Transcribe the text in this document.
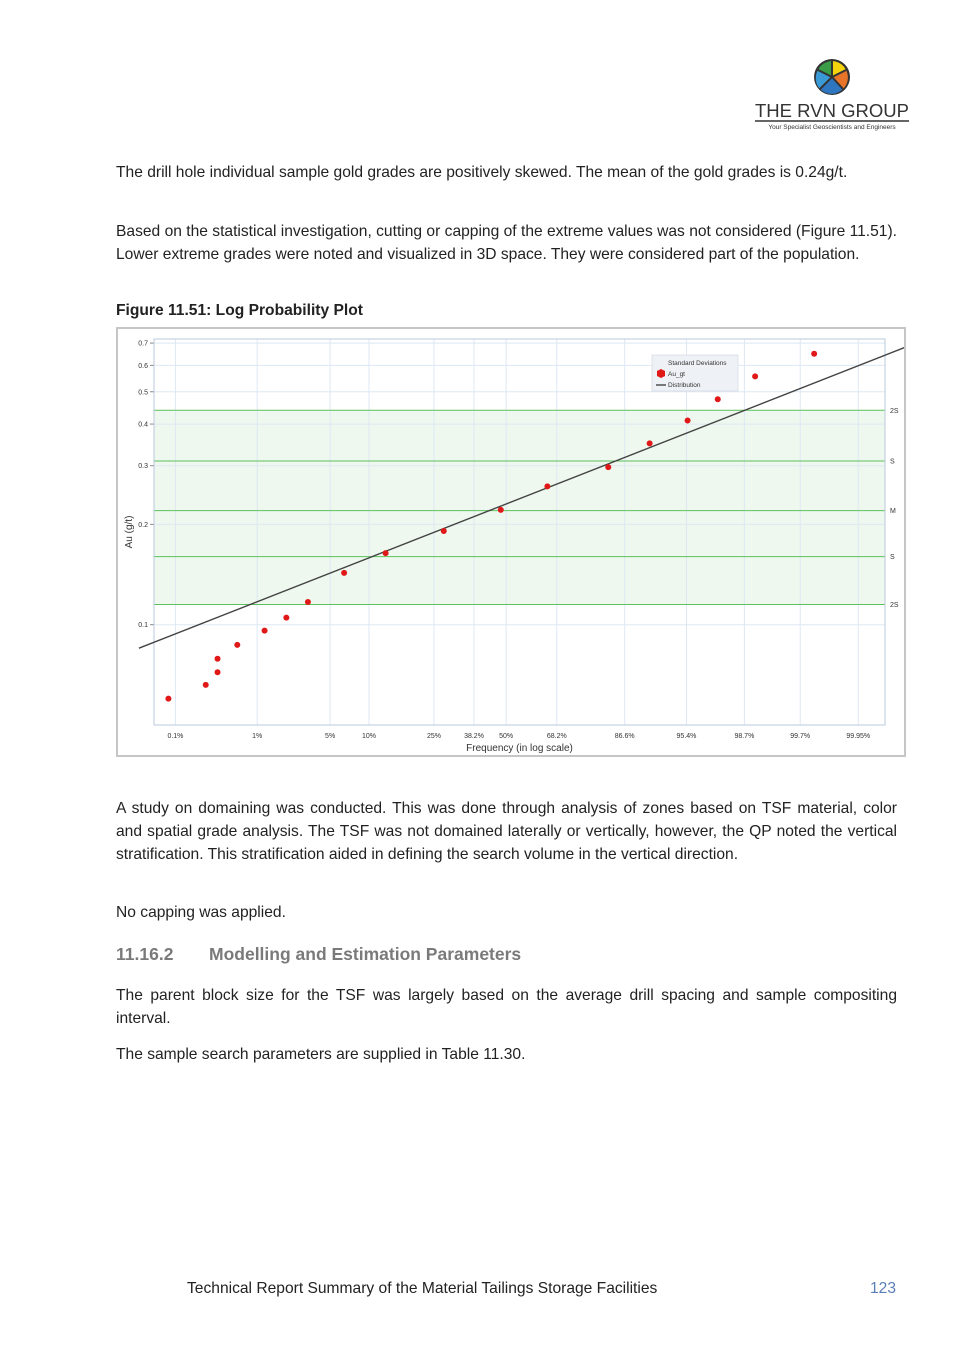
THE RVN GROUP
Your Specialist Geoscientists and Engineers

The drill hole individual sample gold grades are positively skewed. The mean of the gold grades is 0.24g/t.

Based on the statistical investigation, cutting or capping of the extreme values was not considered (Figure 11.51). Lower extreme grades were noted and visualized in 3D space. They were considered part of the population.

Figure 11.51: Log Probability Plot

0.1%	1%	5%	10%	25%	38.2% 50%	68.2%	86.6%	95.4%	98.7%	99.7%	99.95%
0.1
0.2
0.3
0.4
0.5
0.6
0.7
2S
S
M
S
2S
Frequency (in log scale)
Au (g/t)
Standard Deviations
Au_gt
Distribution

A study on domaining was conducted. This was done through analysis of zones based on TSF material, color and spatial grade analysis. The TSF was not domained laterally or vertically, however, the QP noted the vertical stratification. This stratification aided in defining the search volume in the vertical direction.

No capping was applied.

11.16.2 Modelling and Estimation Parameters

The parent block size for the TSF was largely based on the average drill spacing and sample compositing interval.

The sample search parameters are supplied in Table 11.30.

Technical Report Summary of the Material Tailings Storage Facilities	123
